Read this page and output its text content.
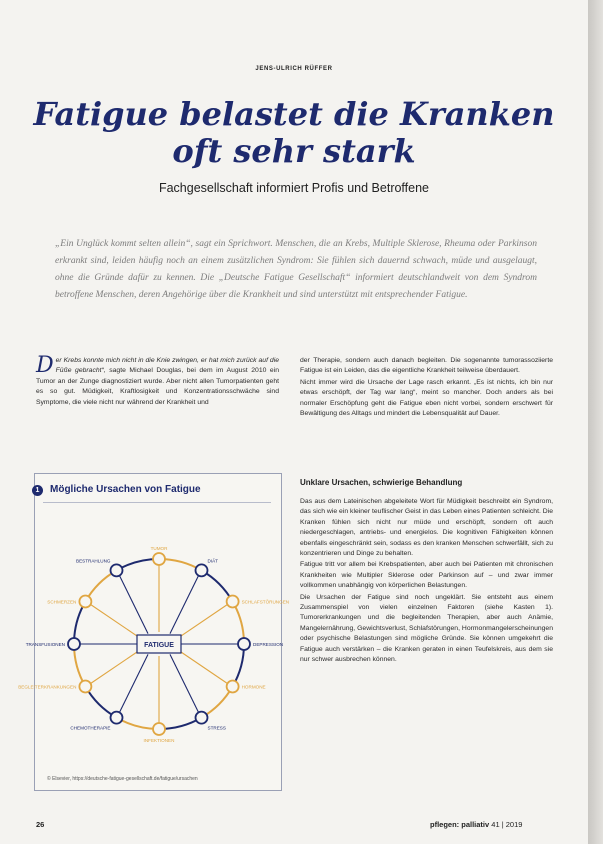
JENS-ULRICH RÜFFER
Fatigue belastet die Kranken
oft sehr stark
Fachgesellschaft informiert Profis und Betroffene
„Ein Unglück kommt selten allein“, sagt ein Sprichwort. Menschen, die an Krebs, Multiple Sklerose, Rheuma oder Parkinson erkrankt sind, leiden häufig noch an einem zusätzlichen Syndrom: Sie fühlen sich dauernd schwach, müde und ausgelaugt, ohne die Gründe dafür zu kennen. Die „Deutsche Fatigue Gesellschaft“ informiert deutschlandweit von dem Syndrom betroffene Menschen, deren Angehörige über die Krankheit und sind unterstützt mit entsprechender Fatigue.

Der Krebs konnte mich nicht in die Knie zwingen, er hat mich zurück auf die Füße gebracht“, sagte Michael Douglas, bei dem im August 2010 ein Tumor an der Zunge diagnostiziert wurde. Aber nicht allen Tumorpatienten geht es so gut. Müdigkeit, Kraftlosigkeit und Konzentrationsschwäche sind Symptome, die viele nicht nur während der Krankheit und

der Therapie, sondern auch danach begleiten. Die sogenannte tumorassoziierte Fatigue ist ein Leiden, das die eigentliche Krankheit teilweise überdauert.

Nicht immer wird die Ursache der Lage rasch erkannt. „Es ist nichts, ich bin nur etwas erschöpft, der Tag war lang“, meint so mancher. Doch anders als bei normaler Erschöpfung geht die Fatigue eben nicht vorbei, sondern erschwert für Bewältigung des Alltags und mindert die Lebensqualität auf Dauer.

Unklare Ursachen, schwierige Behandlung

Das aus dem Lateinischen abgeleitete Wort für Müdigkeit beschreibt ein Syndrom, das sich wie ein kleiner teuflischer Geist in das Leben eines Patienten schleicht. Die Kranken fühlen sich nicht nur müde und erschöpft, sondern oft auch niedergeschlagen, antriebs- und energielos. Die kognitiven Fähigkeiten können ebenfalls eingeschränkt sein, sodass es den kranken Menschen schwerfällt, sich zu konzentrieren und Dinge zu behalten.

Fatigue tritt vor allem bei Krebspatienten, aber auch bei Patienten mit chronischen Krankheiten wie Multipler Sklerose oder Parkinson auf – und zwar immer vollkommen unabhängig von körperlichen Belastungen.

Die Ursachen der Fatigue sind noch ungeklärt. Sie entsteht aus einem Zusammenspiel von vielen einzelnen Faktoren (siehe Kasten 1). Tumorerkrankungen und die begleitenden Therapien, aber auch Anämie, Mangelernährung, Gewichtsverlust, Schlafstörungen, Hormonmangelerscheinungen oder psychische Belastungen sind mögliche Gründe. Sie können umgekehrt die Fatigue auch verstärken – die Kranken geraten in einen Teufelskreis, aus dem sie nur schwer ausbrechen können.

1	Mögliche Ursachen von Fatigue
TUMOR
DIÄT
SCHLAFSTÖRUNGEN
DEPRESSION
HORMONE
STRESS
INFEKTIONEN
CHEMOTHERAPIE
BEGLEITERKRANKUNGEN
TRANSFUSIONEN
SCHMERZEN
BESTRAHLUNG
FATIGUE
© Elsevier, https://deutsche-fatigue-gesellschaft.de/fatigue/ursachen
26	pflegen: palliativ 41 | 2019
